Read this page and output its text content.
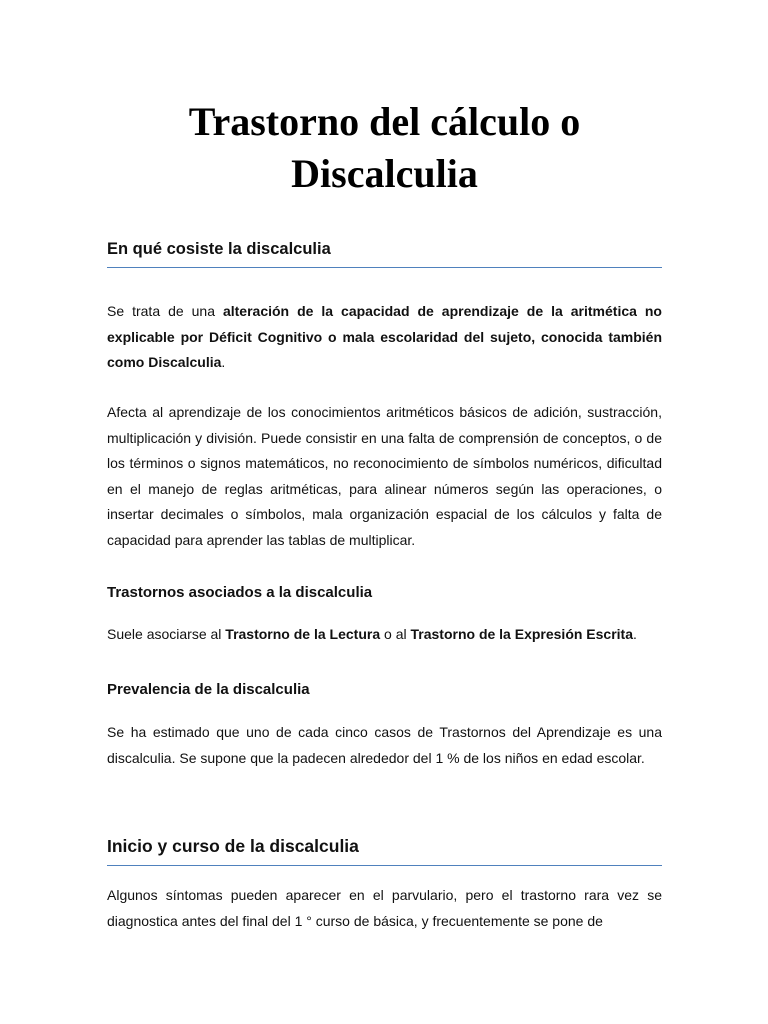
Trastorno del cálculo o
Discalculia
En qué cosiste la discalculia

Se trata de una alteración de la capacidad de aprendizaje de la aritmética no explicable por Déficit Cognitivo o mala escolaridad del sujeto, conocida también como Discalculia.

Afecta al aprendizaje de los conocimientos aritméticos básicos de adición, sustracción, multiplicación y división. Puede consistir en una falta de comprensión de conceptos, o de los términos o signos matemáticos, no reconocimiento de símbolos numéricos, dificultad en el manejo de reglas aritméticas, para alinear números según las operaciones, o insertar decimales o símbolos, mala organización espacial de los cálculos y falta de capacidad para aprender las tablas de multiplicar.

Trastornos asociados a la discalculia

Suele asociarse al Trastorno de la Lectura o al Trastorno de la Expresión Escrita.

Prevalencia de la discalculia

Se ha estimado que uno de cada cinco casos de Trastornos del Aprendizaje es una discalculia. Se supone que la padecen alrededor del 1 % de los niños en edad escolar.

Inicio y curso de la discalculia

Algunos síntomas pueden aparecer en el parvulario, pero el trastorno rara vez se diagnostica antes del final del 1 ° curso de básica, y frecuentemente se pone de
